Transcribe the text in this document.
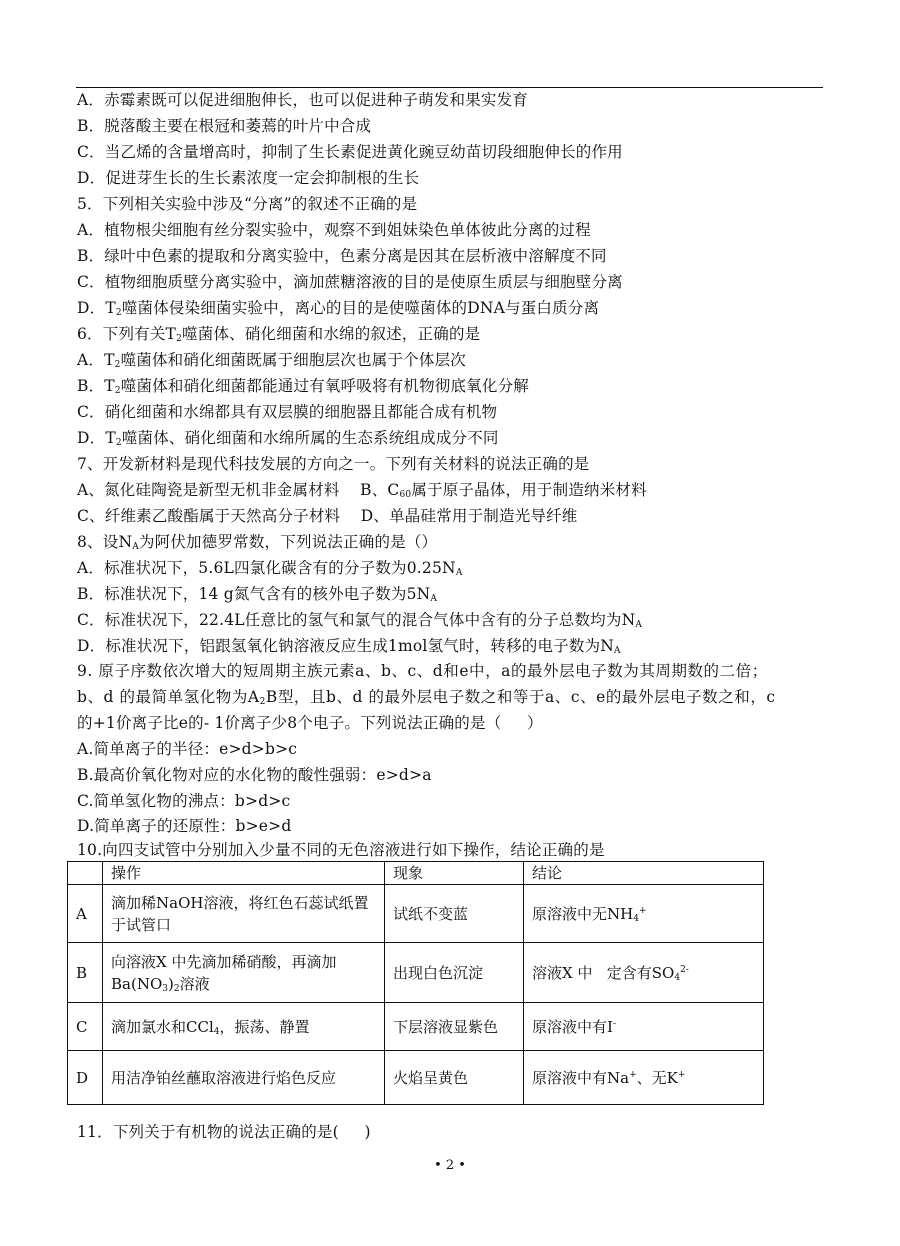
A．赤霉素既可以促进细胞伸长，也可以促进种子萌发和果实发育
B．脱落酸主要在根冠和萎蔫的叶片中合成
C．当乙烯的含量增高时，抑制了生长素促进黄化豌豆幼苗切段细胞伸长的作用
D．促进芽生长的生长素浓度一定会抑制根的生长
5．下列相关实验中涉及“分离”的叙述不正确的是
A．植物根尖细胞有丝分裂实验中，观察不到姐妹染色单体彼此分离的过程
B．绿叶中色素的提取和分离实验中，色素分离是因其在层析液中溶解度不同
C．植物细胞质壁分离实验中，滴加蔗糖溶液的目的是使原生质层与细胞壁分离
D．$T_2$噬菌体侵染细菌实验中，离心的目的是使噬菌体的DNA与蛋白质分离
6．下列有关$T_2$噬菌体、硝化细菌和水绵的叙述，正确的是
A．$T_2$噬菌体和硝化细菌既属于细胞层次也属于个体层次
B．$T_2$噬菌体和硝化细菌都能通过有氧呼吸将有机物彻底氧化分解
C．硝化细菌和水绵都具有双层膜的细胞器且都能合成有机物
D．$T_2$噬菌体、硝化细菌和水绵所属的生态系统组成成分不同
7、开发新材料是现代科技发展的方向之一。下列有关材料的说法正确的是
A、氮化硅陶瓷是新型无机非金属材料    B、$C_{60}$属于原子晶体，用于制造纳米材料
C、纤维素乙酸酯属于天然高分子材料    D、单晶硅常用于制造光导纤维
8、设$N_A$为阿伏加德罗常数，下列说法正确的是（）
A．标准状况下，5.6L四氯化碳含有的分子数为$0.25N_A$
B．标准状况下，14 g氮气含有的核外电子数为$5N_A$
C．标准状况下，22.4L任意比的氢气和氯气的混合气体中含有的分子总数均为$N_A$
D．标准状况下，铝跟氢氧化钠溶液反应生成1mol氢气时，转移的电子数为$N_A$
9. 原子序数依次增大的短周期主族元素a、b、c、d和e中，a的最外层电子数为其周期数的二倍；
b、d 的最简单氢化物为$A_2B$型，且b、d 的最外层电子数之和等于a、c、e的最外层电子数之和，c
的+1价离子比e的- 1价离子少8个电子。下列说法正确的是（     ）
A.简单离子的半径：e>d>b>c
B.最高价氧化物对应的水化物的酸性强弱：e>d>a
C.简单氢化物的沸点：b>d>c
D.简单离子的还原性：b>e>d
10.向四支试管中分别加入少量不同的无色溶液进行如下操作，结论正确的是
	操作	现象	结论
A	滴加稀NaOH溶液，将红色石蕊试纸置于试管口	试纸不变蓝	原溶液中无$NH_4^+$
B	向溶液X 中先滴加稀硝酸，再滴加$Ba(NO_3)_2$溶液	出现白色沉淀	溶液X 中   定含有$SO_4^{2-}$
C	滴加氯水和CCl$_4$，振荡、静置	下层溶液显紫色	原溶液中有I-
D	用洁净铂丝蘸取溶液进行焰色反应	火焰呈黄色	原溶液中有Na+、无K+
11．下列关于有机物的说法正确的是(     )
• 2 •
